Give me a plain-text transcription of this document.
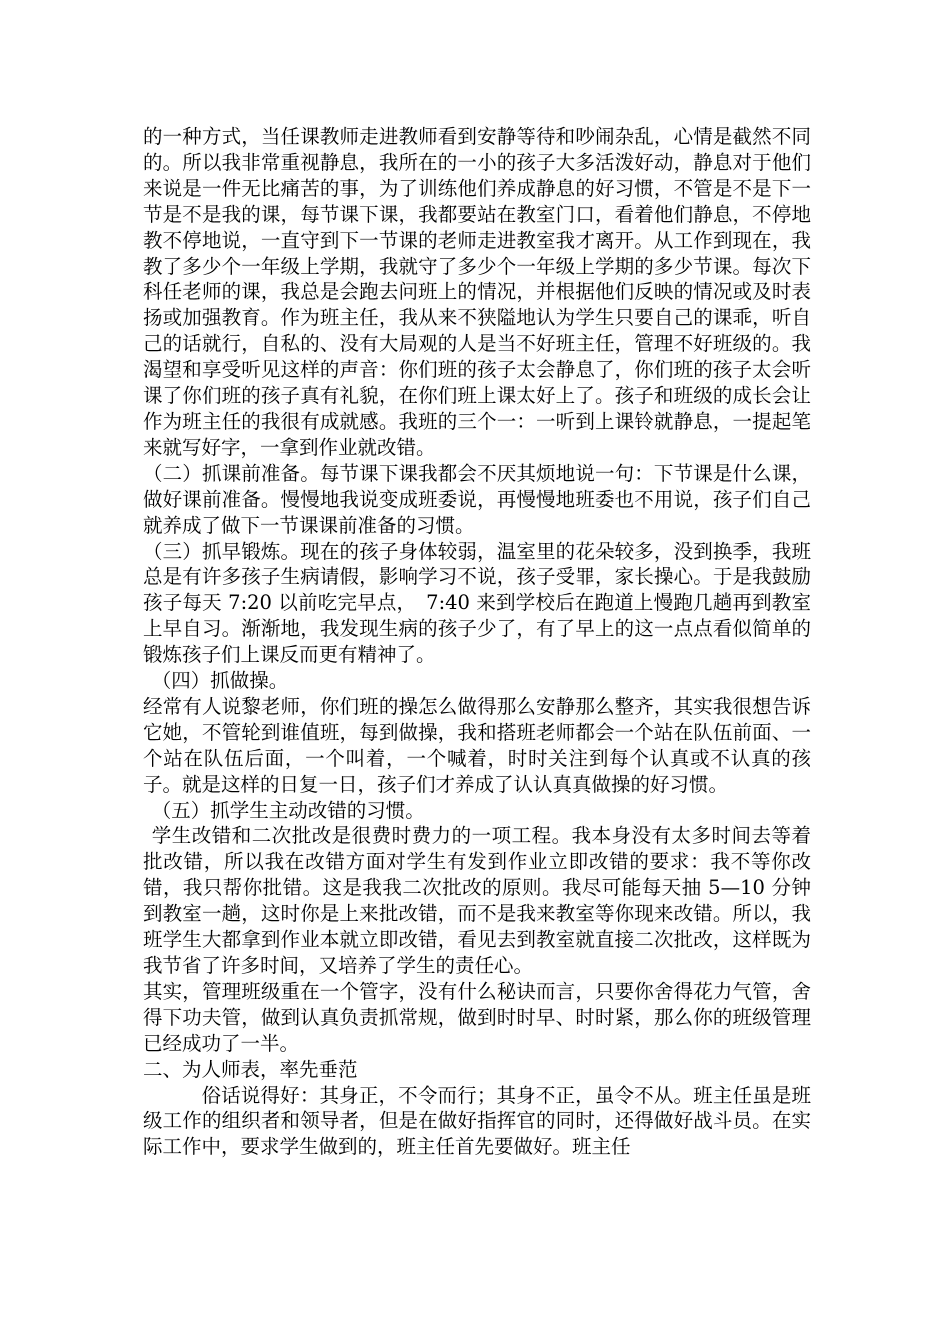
的一种方式，当任课教师走进教师看到安静等待和吵闹杂乱，心情是截然不同的。所以我非常重视静息，我所在的一小的孩子大多活泼好动，静息对于他们来说是一件无比痛苦的事，为了训练他们养成静息的好习惯，不管是不是下一节是不是我的课，每节课下课，我都要站在教室门口，看着他们静息，不停地教不停地说，一直守到下一节课的老师走进教室我才离开。从工作到现在，我教了多少个一年级上学期，我就守了多少个一年级上学期的多少节课。每次下科任老师的课，我总是会跑去问班上的情况，并根据他们反映的情况或及时表扬或加强教育。作为班主任，我从来不狭隘地认为学生只要自己的课乖，听自己的话就行，自私的、没有大局观的人是当不好班主任，管理不好班级的。我渴望和享受听见这样的声音：你们班的孩子太会静息了，你们班的孩子太会听课了你们班的孩子真有礼貌，在你们班上课太好上了。孩子和班级的成长会让作为班主任的我很有成就感。我班的三个一：一听到上课铃就静息，一提起笔来就写好字，一拿到作业就改错。

（二）抓课前准备。每节课下课我都会不厌其烦地说一句：下节课是什么课，做好课前准备。慢慢地我说变成班委说，再慢慢地班委也不用说，孩子们自己就养成了做下一节课课前准备的习惯。

（三）抓早锻炼。现在的孩子身体较弱，温室里的花朵较多，没到换季，我班总是有许多孩子生病请假，影响学习不说，孩子受罪，家长操心。于是我鼓励孩子每天 7:20 以前吃完早点，　7:40 来到学校后在跑道上慢跑几趟再到教室上早自习。渐渐地，我发现生病的孩子少了，有了早上的这一点点看似简单的锻炼孩子们上课反而更有精神了。

（四）抓做操。

经常有人说黎老师，你们班的操怎么做得那么安静那么整齐，其实我很想告诉它她，不管轮到谁值班，每到做操，我和搭班老师都会一个站在队伍前面、一个站在队伍后面，一个叫着，一个喊着，时时关注到每个认真或不认真的孩子。就是这样的日复一日，孩子们才养成了认认真真做操的好习惯。

（五）抓学生主动改错的习惯。

学生改错和二次批改是很费时费力的一项工程。我本身没有太多时间去等着批改错，所以我在改错方面对学生有发到作业立即改错的要求：我不等你改错，我只帮你批错。这是我我二次批改的原则。我尽可能每天抽 5—10 分钟到教室一趟，这时你是上来批改错，而不是我来教室等你现来改错。所以，我班学生大都拿到作业本就立即改错，看见去到教室就直接二次批改，这样既为我节省了许多时间，又培养了学生的责任心。

其实，管理班级重在一个管字，没有什么秘诀而言，只要你舍得花力气管，舍得下功夫管，做到认真负责抓常规，做到时时早、时时紧，那么你的班级管理已经成功了一半。

二、为人师表，率先垂范

俗话说得好：其身正，不令而行；其身不正，虽令不从。班主任虽是班级工作的组织者和领导者，但是在做好指挥官的同时，还得做好战斗员。在实际工作中，要求学生做到的，班主任首先要做好。班主任
